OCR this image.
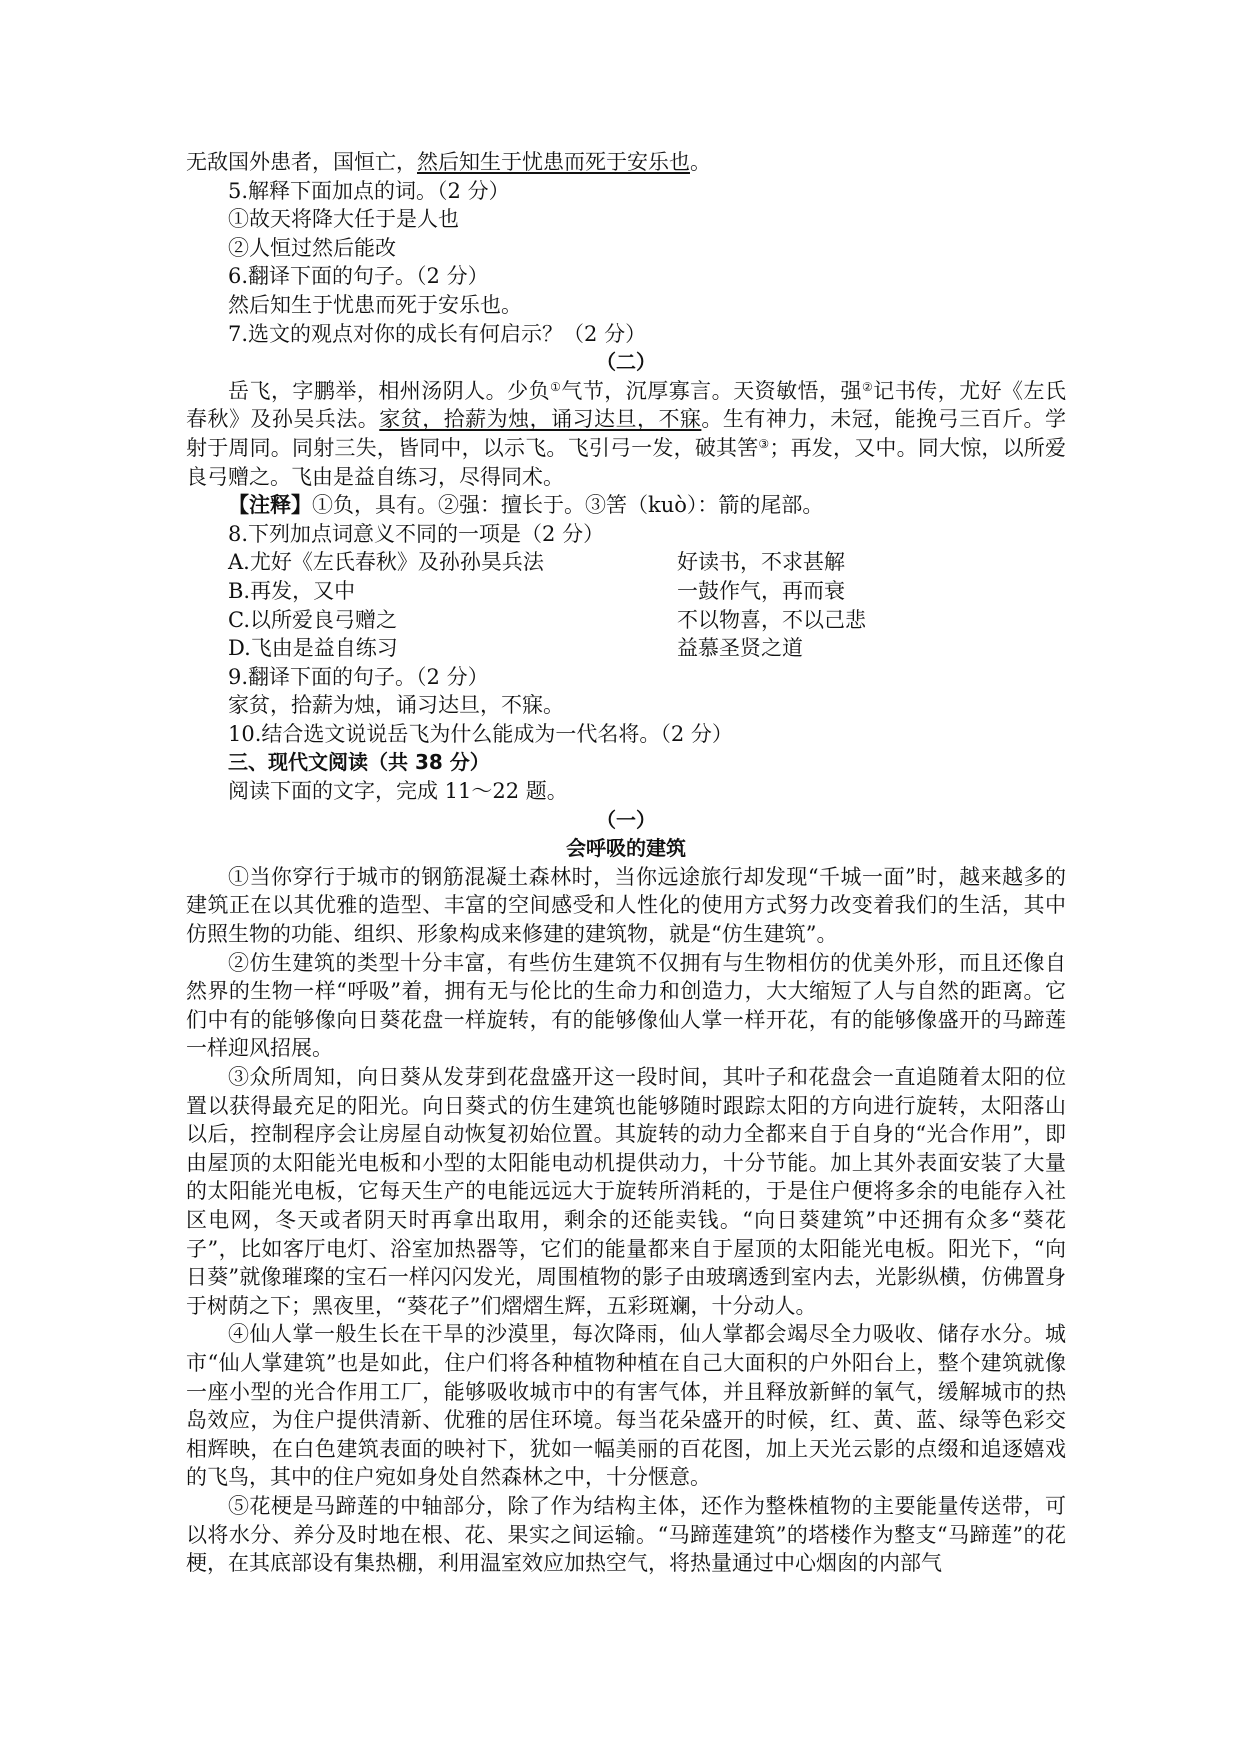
无敌国外患者，国恒亡，然后知生于忧患而死于安乐也。

5.解释下面加点的词。（2 分）

①故天将降大任于是人也

②人恒过然后能改

6.翻译下面的句子。（2 分）

然后知生于忧患而死于安乐也。

7.选文的观点对你的成长有何启示？（2 分）

（二）

岳飞，字鹏举，相州汤阴人。少负①气节，沉厚寡言。天资敏悟，强②记书传，尤好《左氏春秋》及孙吴兵法。家贫，拾薪为烛，诵习达旦，不寐。生有神力，未冠，能挽弓三百斤。学射于周同。同射三失，皆同中，以示飞。飞引弓一发，破其筈③；再发，又中。同大惊，以所爱良弓赠之。飞由是益自练习，尽得同术。

【注释】①负，具有。②强：擅长于。③筈（kuò）：箭的尾部。

8.下列加点词意义不同的一项是（2 分）

A.尤好《左氏春秋》及孙孙昊兵法	好读书，不求甚解
B.再发，又中	一鼓作气，再而衰
C.以所爱良弓赠之	不以物喜，不以己悲
D.飞由是益自练习	益慕圣贤之道

9.翻译下面的句子。（2 分）

家贫，拾薪为烛，诵习达旦，不寐。

10.结合选文说说岳飞为什么能成为一代名将。（2 分）

三、现代文阅读（共 38 分）

阅读下面的文字，完成 11～22 题。

（一）

会呼吸的建筑

①当你穿行于城市的钢筋混凝土森林时，当你远途旅行却发现“千城一面”时，越来越多的建筑正在以其优雅的造型、丰富的空间感受和人性化的使用方式努力改变着我们的生活，其中仿照生物的功能、组织、形象构成来修建的建筑物，就是“仿生建筑”。

②仿生建筑的类型十分丰富，有些仿生建筑不仅拥有与生物相仿的优美外形，而且还像自然界的生物一样“呼吸”着，拥有无与伦比的生命力和创造力，大大缩短了人与自然的距离。它们中有的能够像向日葵花盘一样旋转，有的能够像仙人掌一样开花，有的能够像盛开的马蹄莲一样迎风招展。

③众所周知，向日葵从发芽到花盘盛开这一段时间，其叶子和花盘会一直追随着太阳的位置以获得最充足的阳光。向日葵式的仿生建筑也能够随时跟踪太阳的方向进行旋转，太阳落山以后，控制程序会让房屋自动恢复初始位置。其旋转的动力全都来自于自身的“光合作用”，即由屋顶的太阳能光电板和小型的太阳能电动机提供动力，十分节能。加上其外表面安装了大量的太阳能光电板，它每天生产的电能远远大于旋转所消耗的，于是住户便将多余的电能存入社区电网，冬天或者阴天时再拿出取用，剩余的还能卖钱。“向日葵建筑”中还拥有众多“葵花子”，比如客厅电灯、浴室加热器等，它们的能量都来自于屋顶的太阳能光电板。阳光下，“向日葵”就像璀璨的宝石一样闪闪发光，周围植物的影子由玻璃透到室内去，光影纵横，仿佛置身于树荫之下；黑夜里，“葵花子”们熠熠生辉，五彩斑斓，十分动人。

④仙人掌一般生长在干旱的沙漠里，每次降雨，仙人掌都会竭尽全力吸收、储存水分。城市“仙人掌建筑”也是如此，住户们将各种植物种植在自己大面积的户外阳台上，整个建筑就像一座小型的光合作用工厂，能够吸收城市中的有害气体，并且释放新鲜的氧气，缓解城市的热岛效应，为住户提供清新、优雅的居住环境。每当花朵盛开的时候，红、黄、蓝、绿等色彩交相辉映，在白色建筑表面的映衬下，犹如一幅美丽的百花图，加上天光云影的点缀和追逐嬉戏的飞鸟，其中的住户宛如身处自然森林之中，十分惬意。

⑤花梗是马蹄莲的中轴部分，除了作为结构主体，还作为整株植物的主要能量传送带，可以将水分、养分及时地在根、花、果实之间运输。“马蹄莲建筑”的塔楼作为整支“马蹄莲”的花梗，在其底部设有集热棚，利用温室效应加热空气，将热量通过中心烟囱的内部气
